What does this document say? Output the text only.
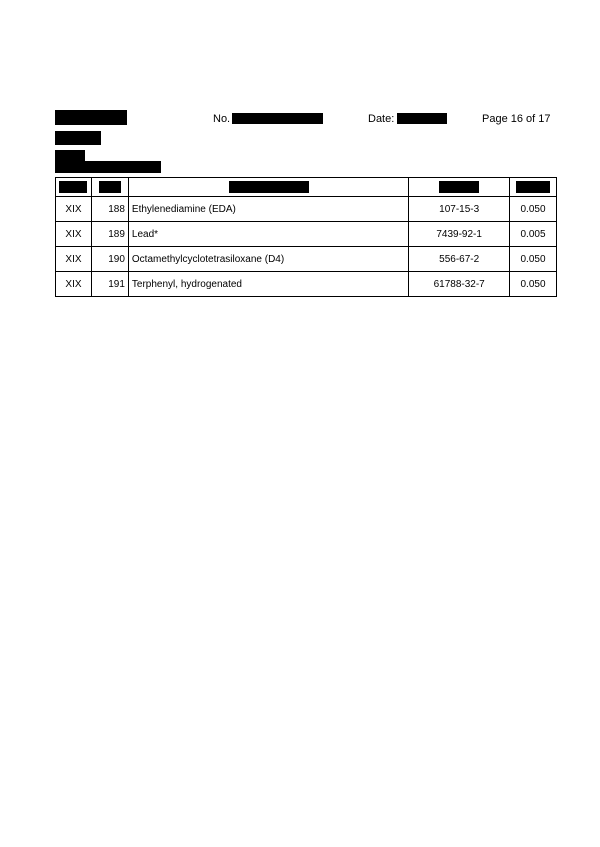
No.	Date:	Page 16 of 17

XIX	188	Ethylenediamine (EDA)	107-15-3	0.050
XIX	189	Lead*	7439-92-1	0.005
XIX	190	Octamethylcyclotetrasiloxane (D4)	556-67-2	0.050
XIX	191	Terphenyl, hydrogenated	61788-32-7	0.050
